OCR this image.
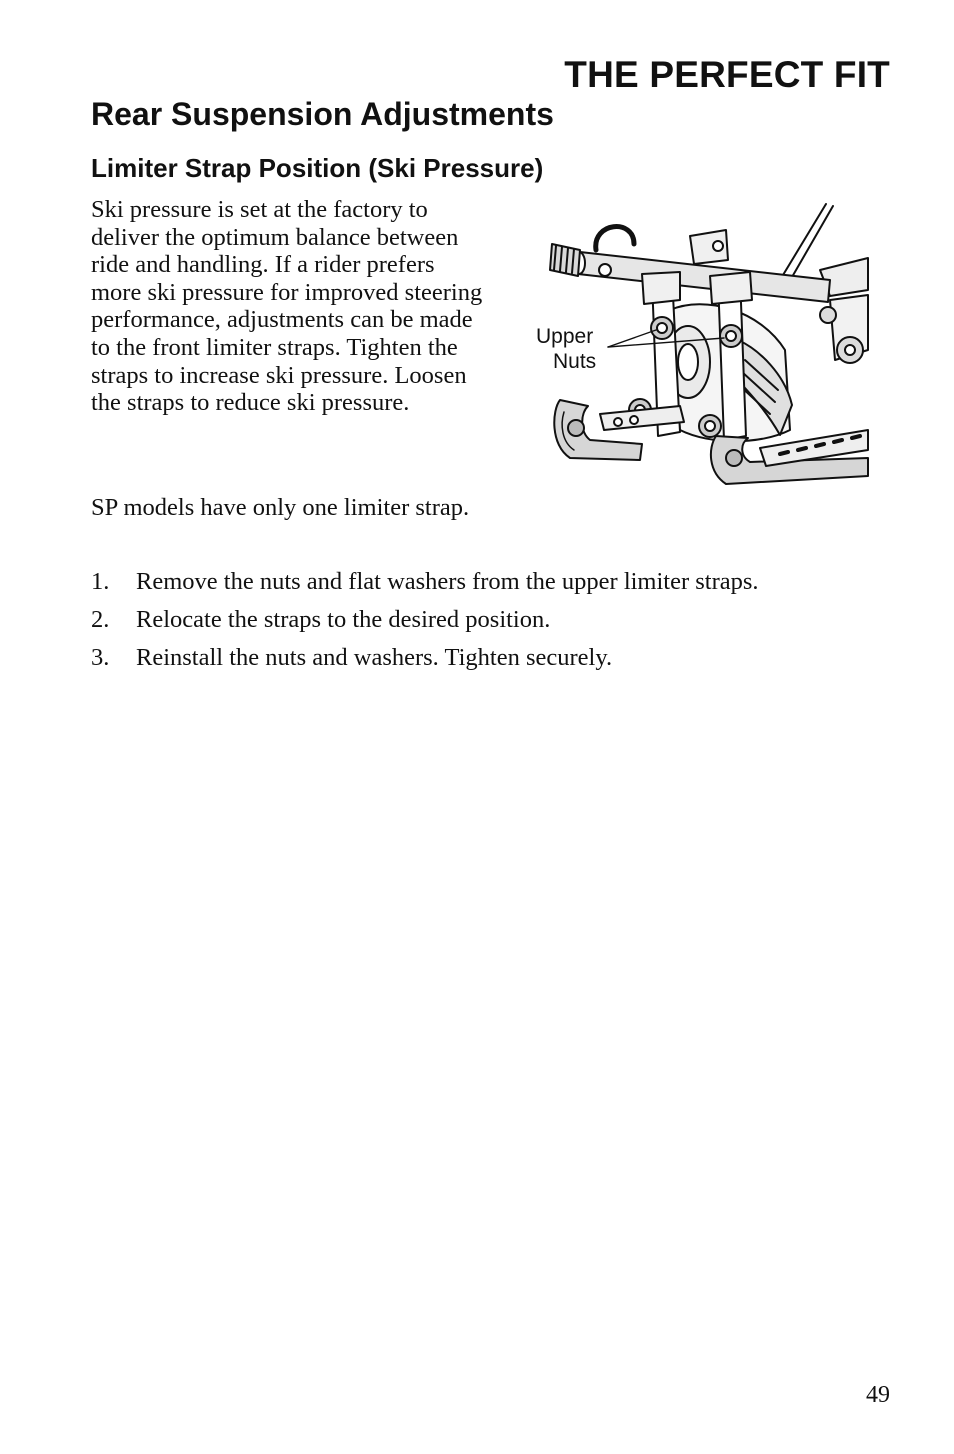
THE PERFECT FIT
Rear Suspension Adjustments
Limiter Strap Position (Ski Pressure)

Ski pressure is set at the factory to deliver the optimum balance between ride and handling. If a rider prefers more ski pressure for improved steering performance, adjustments can be made to the front limiter straps. Tighten the straps to increase ski pressure. Loosen the straps to reduce ski pressure.

SP models have only one limiter strap.

Upper
Nuts
1.	Remove the nuts and flat washers from the upper limiter straps.
2.	Relocate the straps to the desired position.
3.	Reinstall the nuts and washers. Tighten securely.

49
